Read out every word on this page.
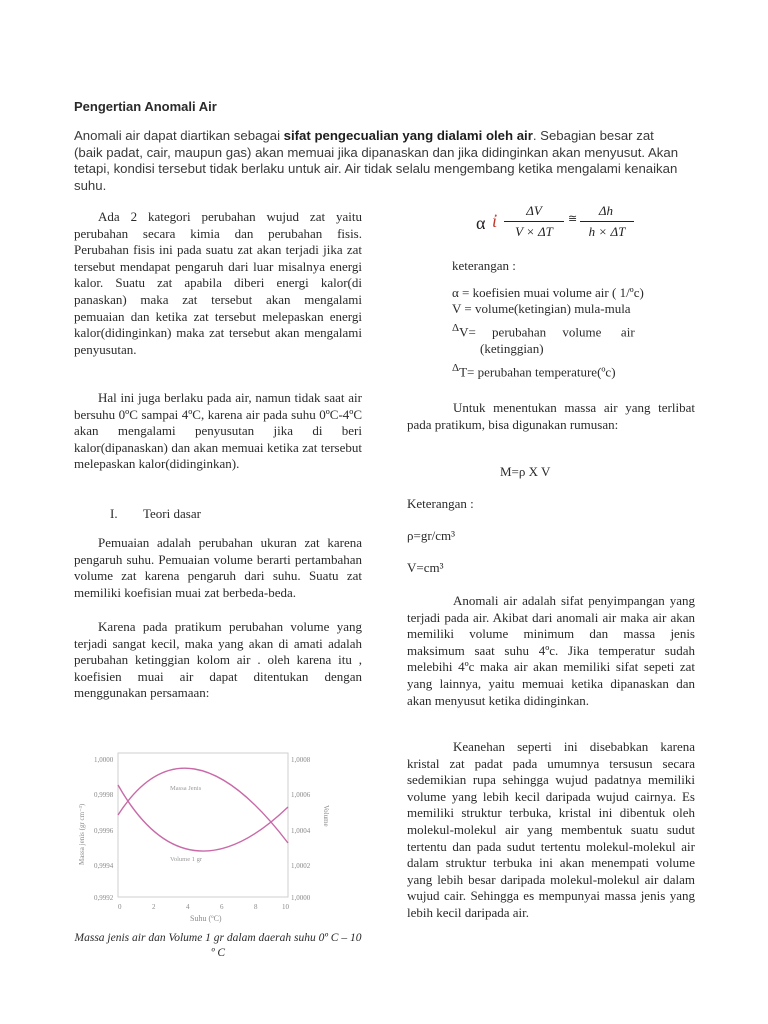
Pengertian Anomali Air
Anomali air dapat diartikan sebagai sifat pengecualian yang dialami oleh air. Sebagian besar zat (baik padat, cair, maupun gas) akan memuai jika dipanaskan dan jika didinginkan akan menyusut. Akan tetapi, kondisi tersebut tidak berlaku untuk air. Air tidak selalu mengembang ketika mengalami kenaikan suhu.
Ada 2 kategori perubahan wujud zat yaitu perubahan secara kimia dan perubahan fisis. Perubahan fisis ini pada suatu zat akan terjadi jika zat tersebut mendapat pengaruh dari luar misalnya energi kalor. Suatu zat apabila diberi energi kalor(di panaskan) maka zat tersebut akan mengalami pemuaian dan ketika zat tersebut melepaskan energi kalor(didinginkan) maka zat tersebut akan mengalami penyusutan.
Hal ini juga berlaku pada air, namun tidak saat air bersuhu 0ºC sampai 4ºC, karena air pada suhu 0ºC-4ºC akan mengalami penyusutan jika di beri kalor(dipanaskan) dan akan memuai ketika zat tersebut melepaskan kalor(didinginkan).
I. Teori dasar
Pemuaian adalah perubahan ukuran zat karena pengaruh suhu. Pemuaian volume berarti pertambahan volume zat karena pengaruh dari suhu. Suatu zat memiliki koefisian muai zat berbeda-beda.
Karena pada pratikum perubahan volume yang terjadi sangat kecil, maka yang akan di amati adalah perubahan ketinggian kolom air . oleh karena itu , koefisien muai air dapat ditentukan dengan menggunakan persamaan:
1,0000
0,9998
0,9996
0,9994
0,9992
1,0008
1,0006
1,0004
1,0002
1,0000
0	2	4	6	8	10
Suhu (ºC)
Massa jenis (gr cm⁻³)	Volume
Massa Jenis
Volume 1 gr
Massa jenis air dan Volume 1 gr dalam daerah suhu 0º C – 10 º C
α ἰ
ΔV
V × ΔT
≅
Δh
h × ΔT
keterangan :
α = koefisien muai volume air ( 1/ºc)
V = volume(ketingian) mula-mula
$^\Delta$V=     perubahan     volume      air
(ketinggian)
$^\Delta$T= perubahan temperature(ºc)
Untuk menentukan massa air yang terlibat pada pratikum, bisa digunakan rumusan:
M=ρ X V
Keterangan :
ρ=gr/cm³
V=cm³
Anomali air adalah sifat penyimpangan yang terjadi pada air. Akibat dari anomali air maka air akan memiliki volume minimum dan massa jenis maksimum saat suhu 4ºc. Jika temperatur sudah melebihi 4ºc maka air akan memiliki sifat sepeti zat yang lainnya, yaitu memuai ketika dipanaskan dan akan menyusut ketika didinginkan.
Keanehan seperti ini disebabkan karena kristal zat padat pada umumnya tersusun secara sedemikian rupa sehingga wujud padatnya memiliki volume yang lebih kecil daripada wujud cairnya. Es memiliki struktur terbuka, kristal ini dibentuk oleh molekul-molekul air yang membentuk suatu sudut tertentu dan pada sudut tertentu molekul-molekul air dalam struktur terbuka ini akan menempati volume yang lebih besar daripada molekul-molekul air dalam wujud cair. Sehingga es mempunyai massa jenis yang lebih kecil daripada air.
